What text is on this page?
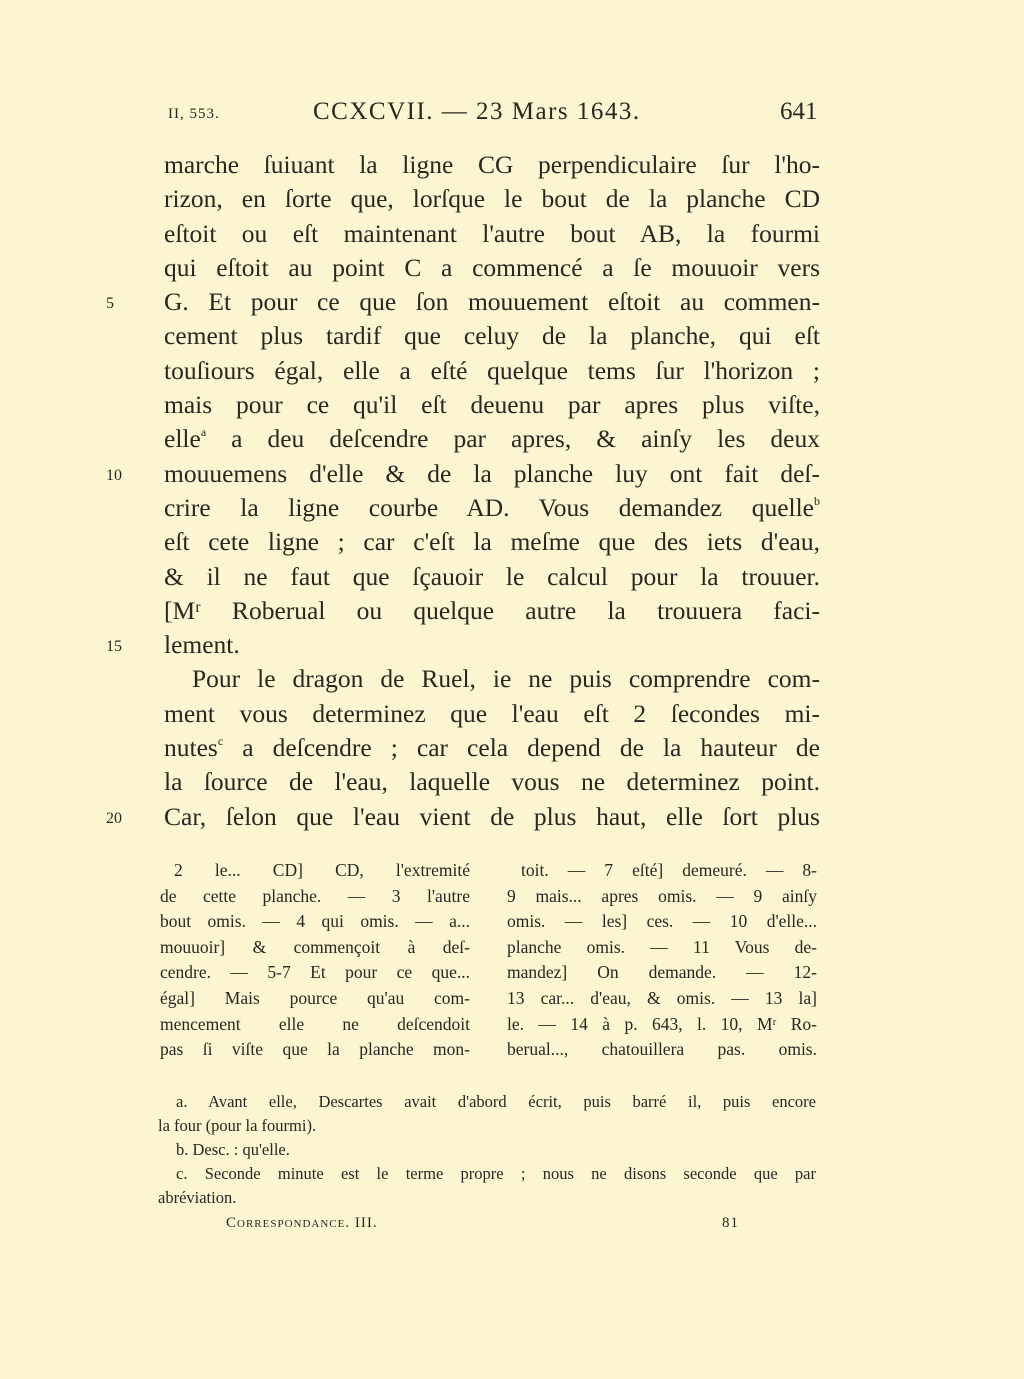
II, 553.	CCXCVII. — 23 Mars 1643.	641
marche ſuiuant la ligne CG perpendiculaire ſur l'ho-
rizon, en ſorte que, lorſque le bout de la planche CD
eſtoit ou eſt maintenant l'autre bout AB, la fourmi
qui eſtoit au point C a commencé a ſe mouuoir vers
5	G. Et pour ce que ſon mouuement eſtoit au commen-
cement plus tardif que celuy de la planche, qui eſt
touſiours égal, elle a eſté quelque tems ſur l'horizon ;
mais pour ce qu'il eſt deuenu par apres plus viſte,
elle$^a$ a deu deſcendre par apres, & ainſy les deux
10	mouuemens d'elle & de la planche luy ont fait deſ-
crire la ligne courbe AD. Vous demandez quelle$^b$
eſt cete ligne ; car c'eſt la meſme que des iets d'eau,
& il ne faut que ſçauoir le calcul pour la trouuer.
[Mʳ Roberual ou quelque autre la trouuera faci-
15	lement.
Pour le dragon de Ruel, ie ne puis comprendre com-
ment vous determinez que l'eau eſt 2 ſecondes mi-
nutes$^c$ a deſcendre ; car cela depend de la hauteur de
la ſource de l'eau, laquelle vous ne determinez point.
20	Car, ſelon que l'eau vient de plus haut, elle ſort plus
2 le... CD] CD, l'extremité
de cette planche. — 3 l'autre
bout omis. — 4 qui omis. — a...
mouuoir] & commençoit à deſ-
cendre. — 5-7 Et pour ce que...
égal] Mais pource qu'au com-
mencement elle ne deſcendoit
pas ſi viſte que la planche mon-
toit. — 7 eſté] demeuré. — 8-
9 mais... apres omis. — 9 ainſy
omis. — les] ces. — 10 d'elle...
planche omis. — 11 Vous de-
mandez] On demande. — 12-
13 car... d'eau, & omis. — 13 la]
le. — 14 à p. 643, l. 10, Mʳ Ro-
berual..., chatouillera pas. omis.
a. Avant elle, Descartes avait d'abord écrit, puis barré il, puis encore
la four (pour la fourmi).
b. Desc. : qu'elle.
c. Seconde minute est le terme propre ; nous ne disons seconde que par
abréviation.
Correspondance. III.	81
